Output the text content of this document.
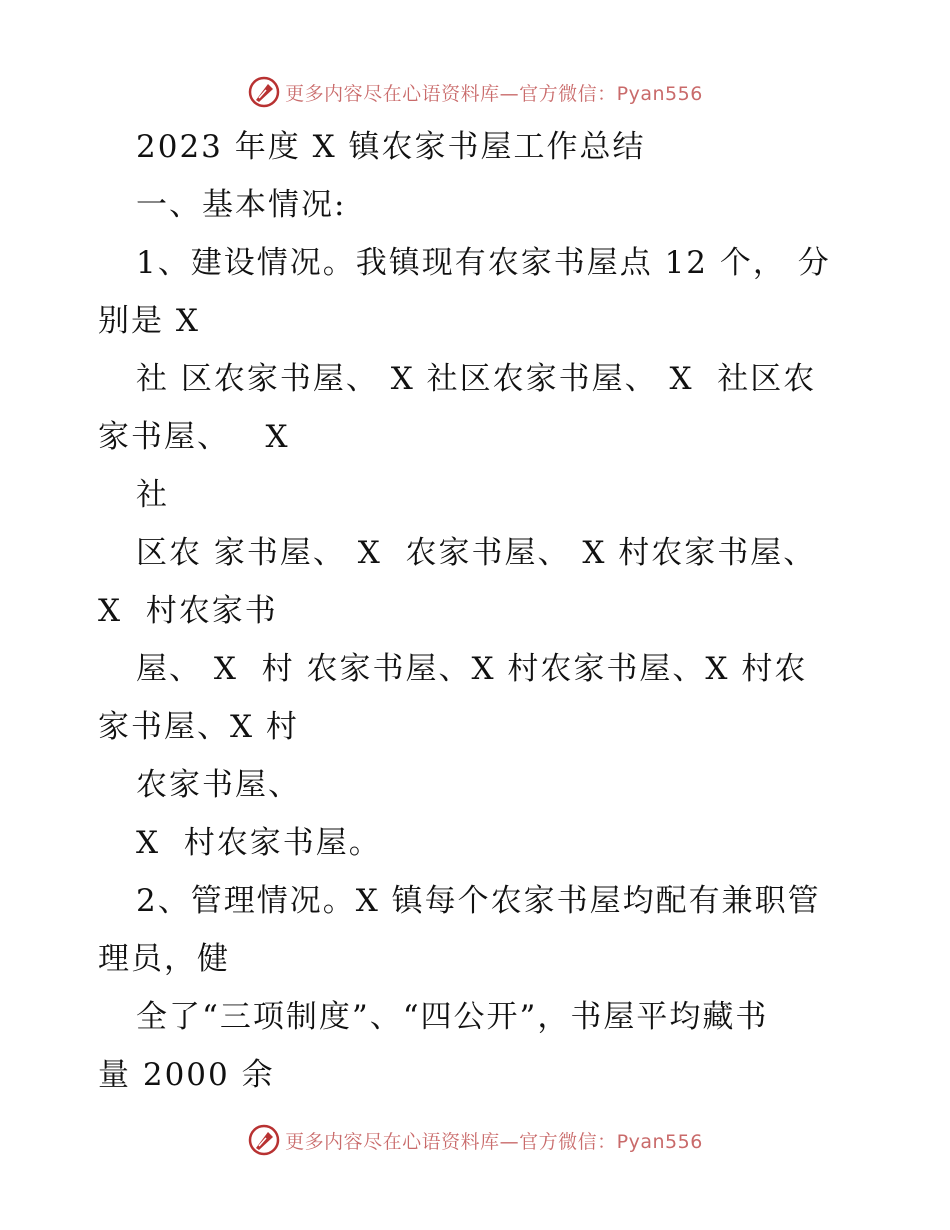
更多内容尽在心语资料库—官方微信：Pyan556
2023 年度 X 镇农家书屋工作总结
一、基本情况:
1、建设情况。我镇现有农家书屋点 12 个， 分
别是 X
社 区农家书屋、 X 社区农家书屋、 X  社区农
家书屋、   X
社
区农 家书屋、 X  农家书屋、 X 村农家书屋、
X  村农家书
屋、 X  村 农家书屋、X 村农家书屋、X 村农
家书屋、X 村
农家书屋、
X  村农家书屋。
2、管理情况。X 镇每个农家书屋均配有兼职管
理员，健
全了“三项制度”、“四公开”，书屋平均藏书
量 2000 余
更多内容尽在心语资料库—官方微信：Pyan556
